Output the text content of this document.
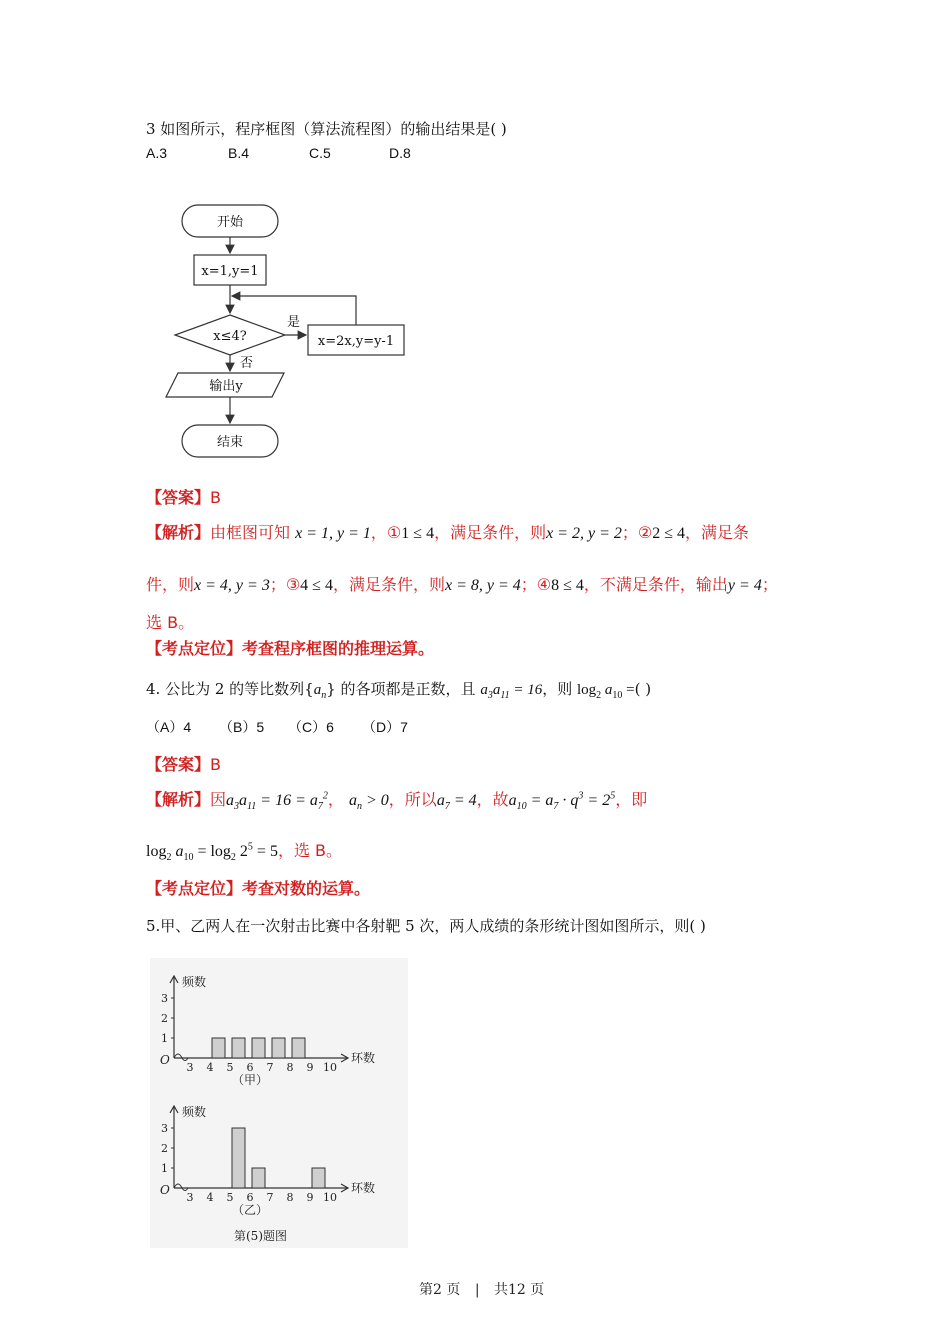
3 如图所示，程序框图（算法流程图）的输出结果是( )
A.3	B.4	C.5	D.8
开始
x=1,y=1
x≤4?
是
否
x=2x,y=y-1
输出y
结束
【答案】B
【解析】由框图可知 x = 1, y = 1，①1 ≤ 4，满足条件，则x = 2, y = 2；②2 ≤ 4，满足条
件，则x = 4, y = 3；③4 ≤ 4，满足条件，则x = 8, y = 4；④8 ≤ 4，不满足条件，输出y = 4；
选 B。
【考点定位】考查程序框图的推理运算。
4. 公比为 2 的等比数列$\{a_n\}$ 的各项都是正数，且 $a_3a_{11} = 16$，则 $\log_2 a_{10}$ =( )
（A）4 （B）5 （C）6 （D）7
【答案】B
【解析】因$a_3a_{11} = 16 = a_7^2$， $a_n > 0$，所以$a_7 = 4$，故$a_{10} = a_7 \cdot q^3 = 2^5$，即
$\log_2 a_{10} = \log_2 2^5 = 5$，选 B。
【考点定位】考查对数的运算。
5.甲、乙两人在一次射击比赛中各射靶 5 次，两人成绩的条形统计图如图所示，则( )
频数
环数
O
（甲）
1
2
3
3 4 5 6 7 8 9 10
频数
环数
O
（乙）
1
2
3
3 4 5 6 7 8 9 10
第(5)题图
第2 页 | 共12 页
